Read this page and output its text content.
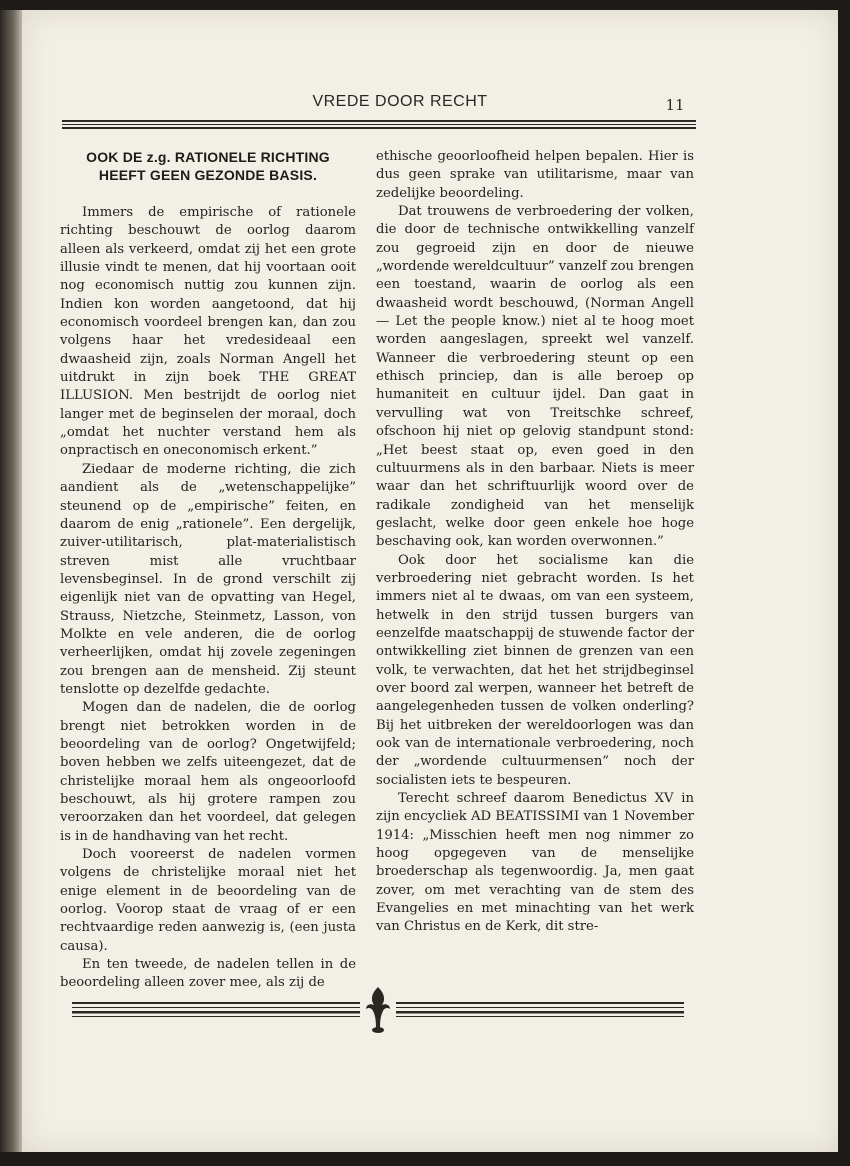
VREDE DOOR RECHT	11
OOK DE z.g. RATIONELE RICHTING
HEEFT GEEN GEZONDE BASIS.

Immers de empirische of rationele richting beschouwt de oorlog daarom alleen als verkeerd, omdat zij het een grote illusie vindt te menen, dat hij voortaan ooit nog economisch nuttig zou kunnen zijn. Indien kon worden aangetoond, dat hij economisch voordeel brengen kan, dan zou volgens haar het vredesideaal een dwaasheid zijn, zoals Norman Angell het uitdrukt in zijn boek THE GREAT ILLUSION. Men bestrijdt de oorlog niet langer met de beginselen der moraal, doch „omdat het nuchter verstand hem als onpractisch en oneconomisch erkent.”

Ziedaar de moderne richting, die zich aandient als de „wetenschappelijke” steunend op de „empirische” feiten, en daarom de enig „rationele”. Een dergelijk, zuiver-utilitarisch, plat-materialistisch streven mist alle vruchtbaar levensbeginsel. In de grond verschilt zij eigenlijk niet van de opvatting van Hegel, Strauss, Nietzche, Steinmetz, Lasson, von Molkte en vele anderen, die de oorlog verheerlijken, omdat hij zovele zegeningen zou brengen aan de mensheid. Zij steunt tenslotte op dezelfde gedachte.

Mogen dan de nadelen, die de oorlog brengt niet betrokken worden in de beoordeling van de oorlog? Ongetwijfeld; boven hebben we zelfs uiteengezet, dat de christelijke moraal hem als ongeoorloofd beschouwt, als hij grotere rampen zou veroorzaken dan het voordeel, dat gelegen is in de handhaving van het recht.

Doch vooreerst de nadelen vormen volgens de christelijke moraal niet het enige element in de beoordeling van de oorlog. Voorop staat de vraag of er een rechtvaardige reden aanwezig is, (een justa causa).

En ten tweede, de nadelen tellen in de beoordeling alleen zover mee, als zij de

ethische geoorloofheid helpen bepalen. Hier is dus geen sprake van utilitarisme, maar van zedelijke beoordeling.

Dat trouwens de verbroedering der volken, die door de technische ontwikkelling vanzelf zou gegroeid zijn en door de nieuwe „wordende wereldcultuur” vanzelf zou brengen een toestand, waarin de oorlog als een dwaasheid wordt beschouwd, (Norman Angell — Let the people know.) niet al te hoog moet worden aangeslagen, spreekt wel vanzelf. Wanneer die verbroedering steunt op een ethisch princiep, dan is alle beroep op humaniteit en cultuur ijdel. Dan gaat in vervulling wat von Treitschke schreef, ofschoon hij niet op gelovig standpunt stond: „Het beest staat op, even goed in den cultuurmens als in den barbaar. Niets is meer waar dan het schriftuurlijk woord over de radikale zondigheid van het menselijk geslacht, welke door geen enkele hoe hoge beschaving ook, kan worden overwonnen.”

Ook door het socialisme kan die verbroedering niet gebracht worden. Is het immers niet al te dwaas, om van een systeem, hetwelk in den strijd tussen burgers van eenzelfde maatschappij de stuwende factor der ontwikkelling ziet binnen de grenzen van een volk, te verwachten, dat het het strijdbeginsel over boord zal werpen, wanneer het betreft de aangelegenheden tussen de volken onderling? Bij het uitbreken der wereldoorlogen was dan ook van de internationale verbroedering, noch der „wordende cultuurmensen” noch der socialisten iets te bespeuren.

Terecht schreef daarom Benedictus XV in zijn encycliek AD BEATISSIMI van 1 November 1914: „Misschien heeft men nog nimmer zo hoog opgegeven van de menselijke broederschap als tegenwoordig. Ja, men gaat zover, om met verachting van de stem des Evangelies en met minachting van het werk van Christus en de Kerk, dit stre-
